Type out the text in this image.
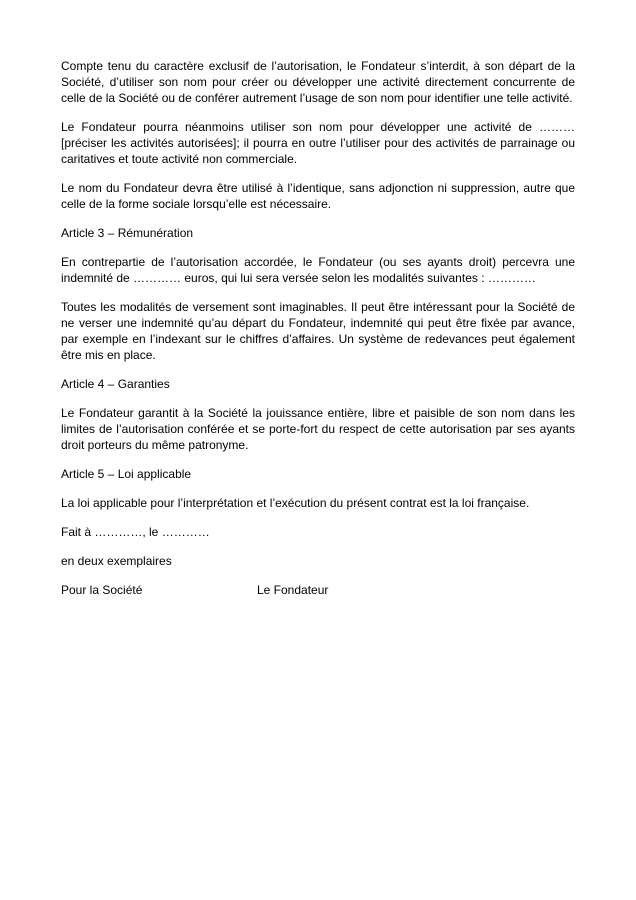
Compte tenu du caractère exclusif de l’autorisation, le Fondateur s’interdit, à son départ de la Société, d’utiliser son nom pour créer ou développer une activité directement concurrente de celle de la Société ou de conférer autrement l’usage de son nom pour identifier une telle activité.

Le Fondateur pourra néanmoins utiliser son nom pour développer une activité de ……… [préciser les activités autorisées]; il pourra en outre l’utiliser pour des activités de parrainage ou caritatives et toute activité non commerciale.

Le nom du Fondateur devra être utilisé à l’identique, sans adjonction ni suppression, autre que celle de la forme sociale lorsqu’elle est nécessaire.

Article 3 – Rémunération

En contrepartie de l’autorisation accordée, le Fondateur (ou ses ayants droit) percevra une indemnité de ………… euros, qui lui sera versée selon les modalités suivantes : …………

Toutes les modalités de versement sont imaginables. Il peut être intéressant pour la Société de ne verser une indemnité qu’au départ du Fondateur, indemnité qui peut être fixée par avance, par exemple en l’indexant sur le chiffres d’affaires. Un système de redevances peut également être mis en place.

Article 4 – Garanties

Le Fondateur garantit à la Société la jouissance entière, libre et paisible de son nom dans les limites de l’autorisation conférée et se porte-fort du respect de cette autorisation par ses ayants droit porteurs du même patronyme.

Article 5 – Loi applicable

La loi applicable pour l’interprétation et l’exécution du présent contrat est la loi française.

Fait à …………, le …………

en deux exemplaires

Pour la Société	Le Fondateur
